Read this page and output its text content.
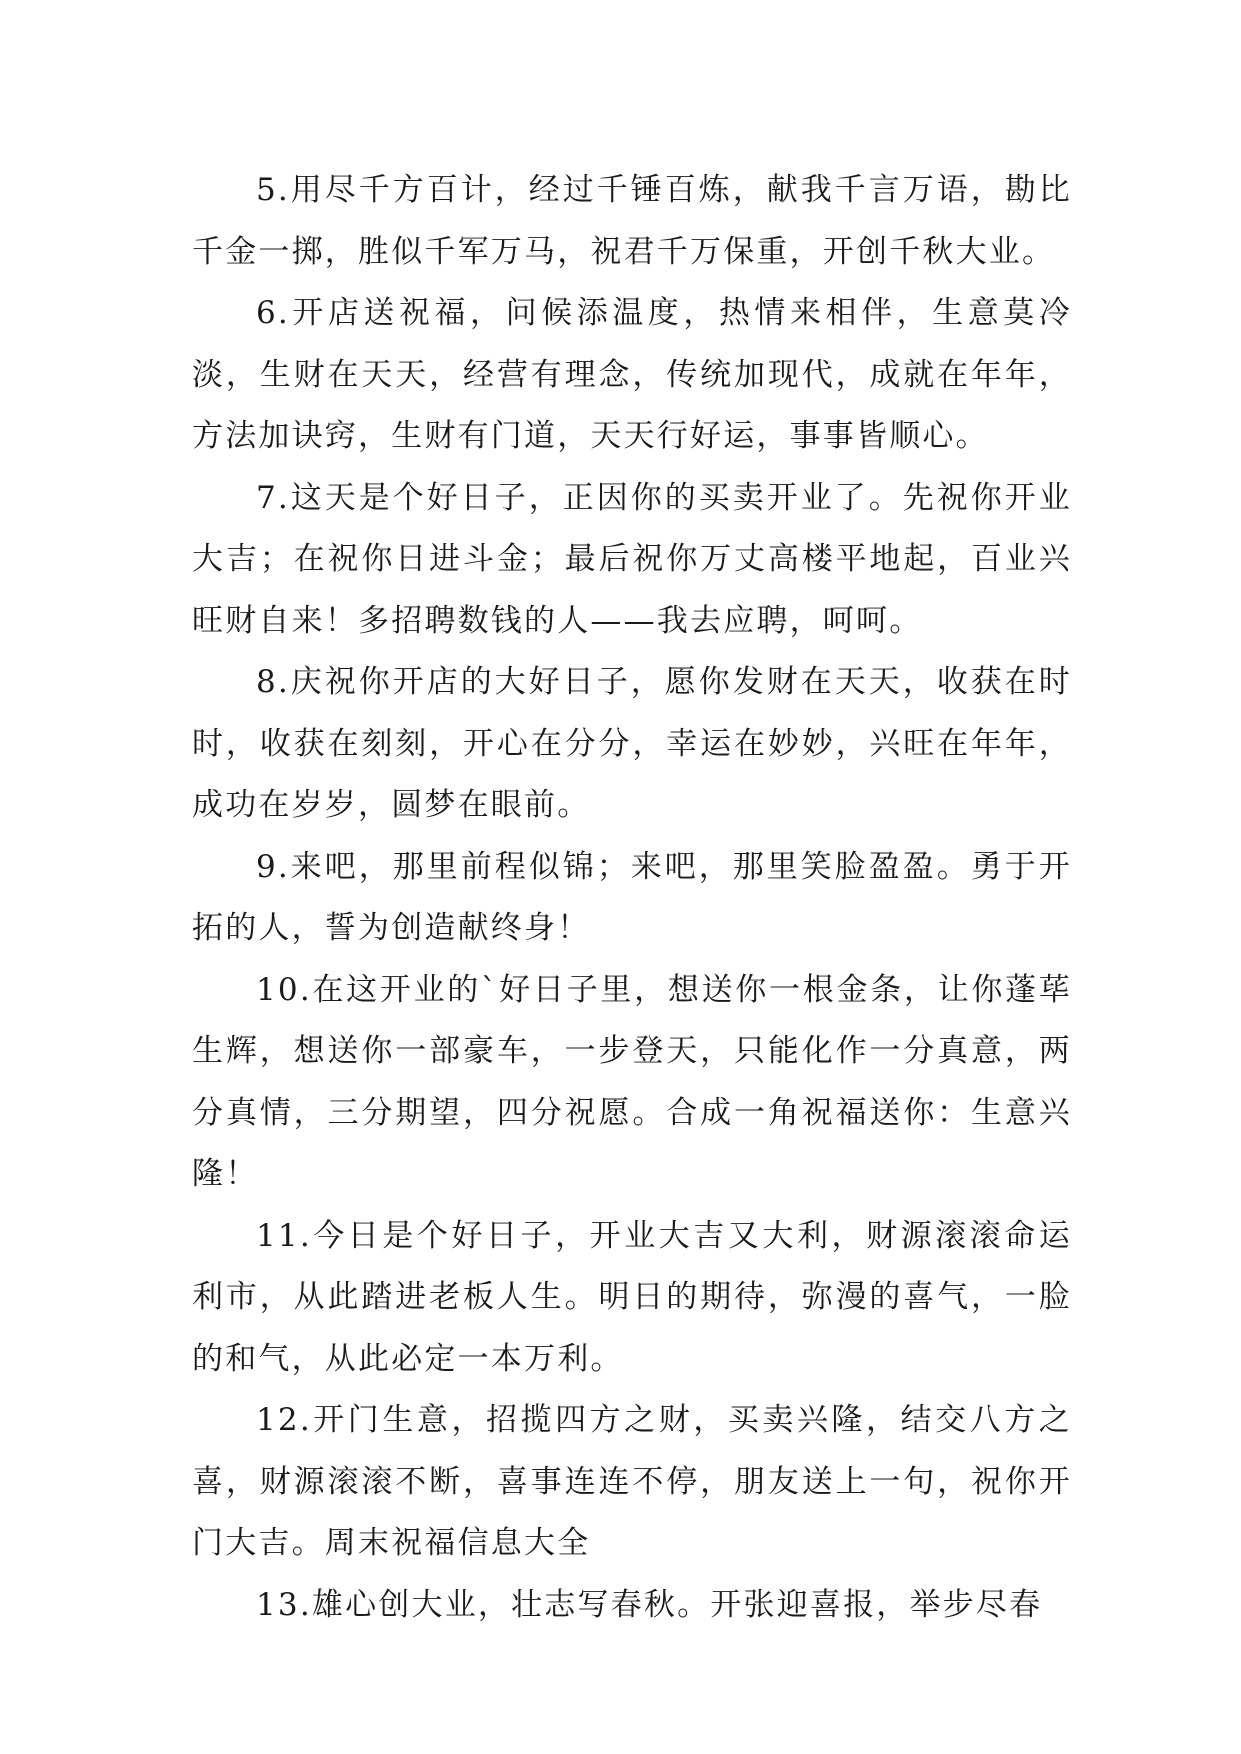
5.用尽千方百计，经过千锤百炼，献我千言万语，勘比千金一掷，胜似千军万马，祝君千万保重，开创千秋大业。

6.开店送祝福，问候添温度，热情来相伴，生意莫冷淡，生财在天天，经营有理念，传统加现代，成就在年年，方法加诀窍，生财有门道，天天行好运，事事皆顺心。

7.这天是个好日子，正因你的买卖开业了。先祝你开业大吉；在祝你日进斗金；最后祝你万丈高楼平地起，百业兴旺财自来！多招聘数钱的人——我去应聘，呵呵。

8.庆祝你开店的大好日子，愿你发财在天天，收获在时时，收获在刻刻，开心在分分，幸运在妙妙，兴旺在年年，成功在岁岁，圆梦在眼前。

9.来吧，那里前程似锦；来吧，那里笑脸盈盈。勇于开拓的人，誓为创造献终身！

10.在这开业的`好日子里，想送你一根金条，让你蓬荜生辉，想送你一部豪车，一步登天，只能化作一分真意，两分真情，三分期望，四分祝愿。合成一角祝福送你：生意兴隆！

11.今日是个好日子，开业大吉又大利，财源滚滚命运利市，从此踏进老板人生。明日的期待，弥漫的喜气，一脸的和气，从此必定一本万利。

12.开门生意，招揽四方之财，买卖兴隆，结交八方之喜，财源滚滚不断，喜事连连不停，朋友送上一句，祝你开门大吉。周末祝福信息大全

13.雄心创大业，壮志写春秋。开张迎喜报，举步尽春
